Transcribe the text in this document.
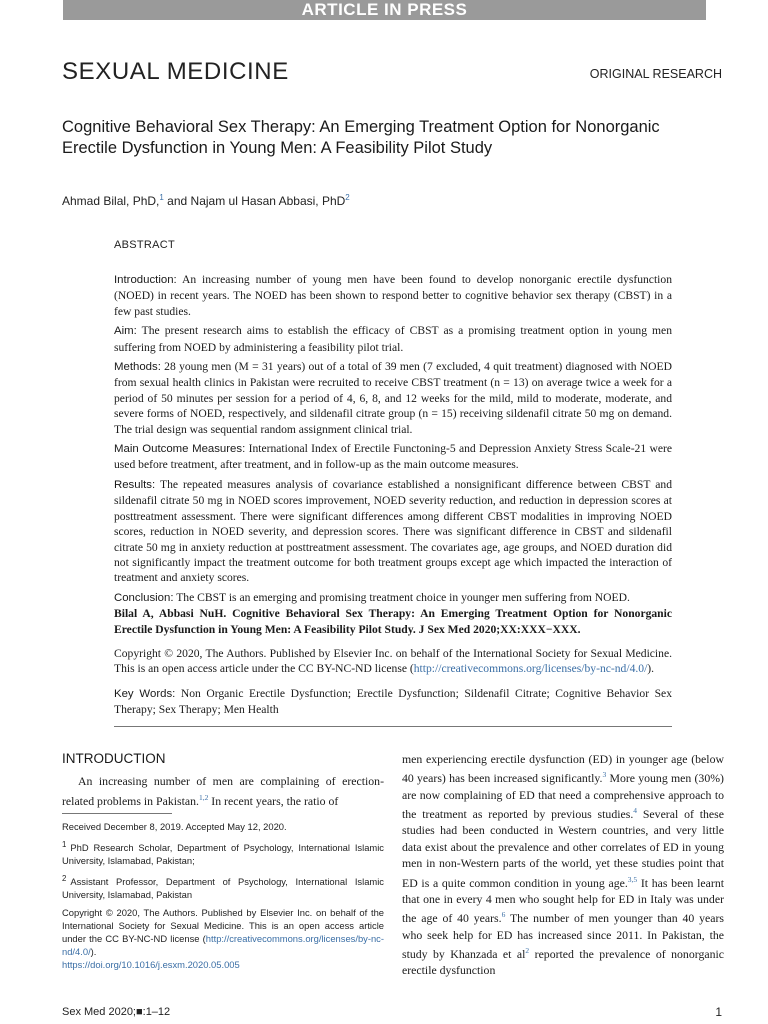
ARTICLE IN PRESS
SEXUAL MEDICINE	ORIGINAL RESEARCH
Cognitive Behavioral Sex Therapy: An Emerging Treatment Option for Nonorganic Erectile Dysfunction in Young Men: A Feasibility Pilot Study
Ahmad Bilal, PhD,$^1$ and Najam ul Hasan Abbasi, PhD$^2$
ABSTRACT

Introduction: An increasing number of young men have been found to develop nonorganic erectile dysfunction (NOED) in recent years. The NOED has been shown to respond better to cognitive behavior sex therapy (CBST) in a few past studies.

Aim: The present research aims to establish the efficacy of CBST as a promising treatment option in young men suffering from NOED by administering a feasibility pilot trial.

Methods: 28 young men (M = 31 years) out of a total of 39 men (7 excluded, 4 quit treatment) diagnosed with NOED from sexual health clinics in Pakistan were recruited to receive CBST treatment (n = 13) on average twice a week for a period of 50 minutes per session for a period of 4, 6, 8, and 12 weeks for the mild, mild to moderate, moderate, and severe forms of NOED, respectively, and sildenafil citrate group (n = 15) receiving sildenafil citrate 50 mg on demand. The trial design was sequential random assignment clinical trial.

Main Outcome Measures: International Index of Erectile Functoning-5 and Depression Anxiety Stress Scale-21 were used before treatment, after treatment, and in follow-up as the main outcome measures.

Results: The repeated measures analysis of covariance established a nonsignificant difference between CBST and sildenafil citrate 50 mg in NOED scores improvement, NOED severity reduction, and reduction in depression scores at posttreatment assessment. There were significant differences among different CBST modalities in improving NOED scores, reduction in NOED severity, and depression scores. There was significant difference in CBST and sildenafil citrate 50 mg in anxiety reduction at posttreatment assessment. The covariates age, age groups, and NOED duration did not significantly impact the treatment outcome for both treatment groups except age which impacted the interaction of treatment and anxiety scores.

Conclusion: The CBST is an emerging and promising treatment choice in younger men suffering from NOED.
Bilal A, Abbasi NuH. Cognitive Behavioral Sex Therapy: An Emerging Treatment Option for Nonorganic Erectile Dysfunction in Young Men: A Feasibility Pilot Study. J Sex Med 2020;XX:XXX−XXX.

Copyright © 2020, The Authors. Published by Elsevier Inc. on behalf of the International Society for Sexual Medicine. This is an open access article under the CC BY-NC-ND license (http://creativecommons.org/licenses/by-nc-nd/4.0/).

Key Words: Non Organic Erectile Dysfunction; Erectile Dysfunction; Sildenafil Citrate; Cognitive Behavior Sex Therapy; Sex Therapy; Men Health

INTRODUCTION

An increasing number of men are complaining of erection-related problems in Pakistan.$^{1,2}$ In recent years, the ratio of

Received December 8, 2019. Accepted May 12, 2020.

$^1$ PhD Research Scholar, Department of Psychology, International Islamic University, Islamabad, Pakistan;

$^2$ Assistant Professor, Department of Psychology, International Islamic University, Islamabad, Pakistan

Copyright © 2020, The Authors. Published by Elsevier Inc. on behalf of the International Society for Sexual Medicine. This is an open access article under the CC BY-NC-ND license (http://creativecommons.org/licenses/by-nc-nd/4.0/).
https://doi.org/10.1016/j.esxm.2020.05.005

men experiencing erectile dysfunction (ED) in younger age (below 40 years) has been increased significantly.$^3$ More young men (30%) are now complaining of ED that need a comprehensive approach to the treatment as reported by previous studies.$^4$ Several of these studies had been conducted in Western countries, and very little data exist about the prevalence and other correlates of ED in young men in non-Western parts of the world, yet these studies point that ED is a quite common condition in young age.$^{3,5}$ It has been learnt that one in every 4 men who sought help for ED in Italy was under the age of 40 years.$^6$ The number of men younger than 40 years who seek help for ED has increased since 2011. In Pakistan, the study by Khanzada et al$^2$ reported the prevalence of nonorganic erectile dysfunction

Sex Med 2020;■:1–12	1
